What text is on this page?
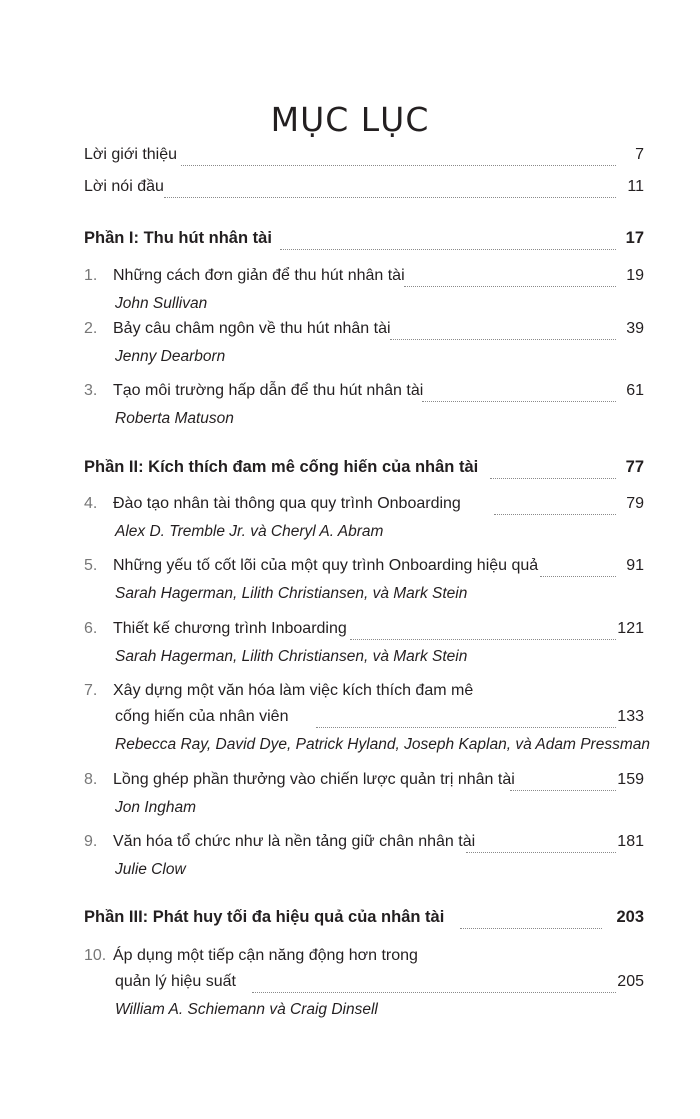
MỤC LỤC
Lời giới thiệu	7
Lời nói đầu	11
Phần I: Thu hút nhân tài	17
1. Những cách đơn giản để thu hút nhân tài	19
John Sullivan
2. Bảy câu châm ngôn về thu hút nhân tài	39
Jenny Dearborn
3. Tạo môi trường hấp dẫn để thu hút nhân tài	61
Roberta Matuson
Phần II: Kích thích đam mê cống hiến của nhân tài	77
4. Đào tạo nhân tài thông qua quy trình Onboarding	79
Alex D. Tremble Jr. và Cheryl A. Abram
5. Những yếu tố cốt lõi của một quy trình Onboarding hiệu quả	91
Sarah Hagerman, Lilith Christiansen, và Mark Stein
6. Thiết kế chương trình Inboarding	121
Sarah Hagerman, Lilith Christiansen, và Mark Stein
7. Xây dựng một văn hóa làm việc kích thích đam mê
cống hiến của nhân viên	133
Rebecca Ray, David Dye, Patrick Hyland, Joseph Kaplan, và Adam Pressman
8. Lồng ghép phần thưởng vào chiến lược quản trị nhân tài	159
Jon Ingham
9. Văn hóa tổ chức như là nền tảng giữ chân nhân tài	181
Julie Clow
Phần III: Phát huy tối đa hiệu quả của nhân tài	203
10. Áp dụng một tiếp cận năng động hơn trong
quản lý hiệu suất	205
William A. Schiemann và Craig Dinsell
